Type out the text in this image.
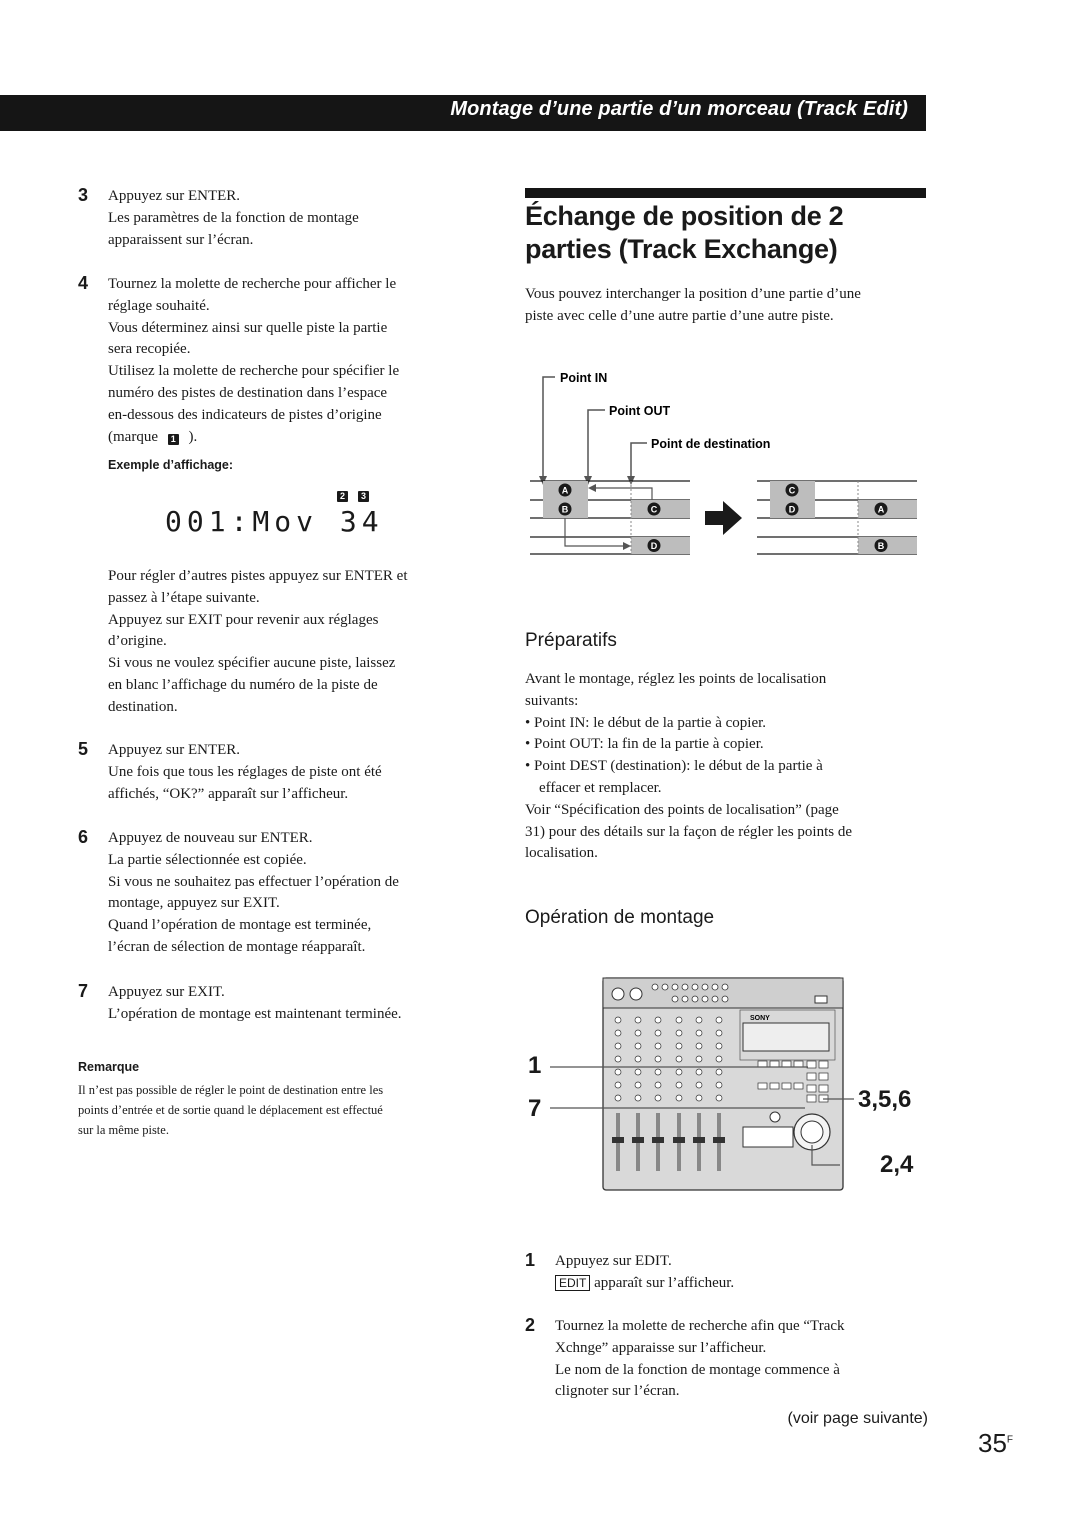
Montage d’une partie d’un morceau (Track Edit)
3 Appuyez sur ENTER.
Les paramètres de la fonction de montage
apparaissent sur l’écran.
4 Tournez la molette de recherche pour afficher le
réglage souhaité.
Vous déterminez ainsi sur quelle piste la partie
sera recopiée.
Utilisez la molette de recherche pour spécifier le
numéro des pistes de destination dans l’espace
en-dessous des indicateurs de pistes d’origine
(marque 1 ).
Exemple d’affichage:
2	3
001:Mov 34
Pour régler d’autres pistes appuyez sur ENTER et
passez à l’étape suivante.
Appuyez sur EXIT pour revenir aux réglages
d’origine.
Si vous ne voulez spécifier aucune piste, laissez
en blanc l’affichage du numéro de la piste de
destination.
5 Appuyez sur ENTER.
Une fois que tous les réglages de piste ont été
affichés, “OK?” apparaît sur l’afficheur.
6 Appuyez de nouveau sur ENTER.
La partie sélectionnée est copiée.
Si vous ne souhaitez pas effectuer l’opération de
montage, appuyez sur EXIT.
Quand l’opération de montage est terminée,
l’écran de sélection de montage réapparaît.
7 Appuyez sur EXIT.
L’opération de montage est maintenant terminée.
Remarque
Il n’est pas possible de régler le point de destination entre les
points d’entrée et de sortie quand le déplacement est effectué
sur la même piste.
Échange de position de 2
parties (Track Exchange)
Vous pouvez interchanger la position d’une partie d’une
piste avec celle d’une autre partie d’une autre piste.
Point IN
Point OUT
Point de destination
A
B	C
D
C
D	A
B
Préparatifs
Avant le montage, réglez les points de localisation
suivants:
• Point IN: le début de la partie à copier.
• Point OUT: la fin de la partie à copier.
• Point DEST (destination): le début de la partie à
effacer et remplacer.
Voir “Spécification des points de localisation” (page
31) pour des détails sur la façon de régler les points de
localisation.
Opération de montage
SONY
1
7	3,5,6
2,4
1 Appuyez sur EDIT.
EDIT apparaît sur l’afficheur.
2 Tournez la molette de recherche afin que “Track
Xchnge” apparaisse sur l’afficheur.
Le nom de la fonction de montage commence à
clignoter sur l’écran.
(voir page suivante)
$35^F$
